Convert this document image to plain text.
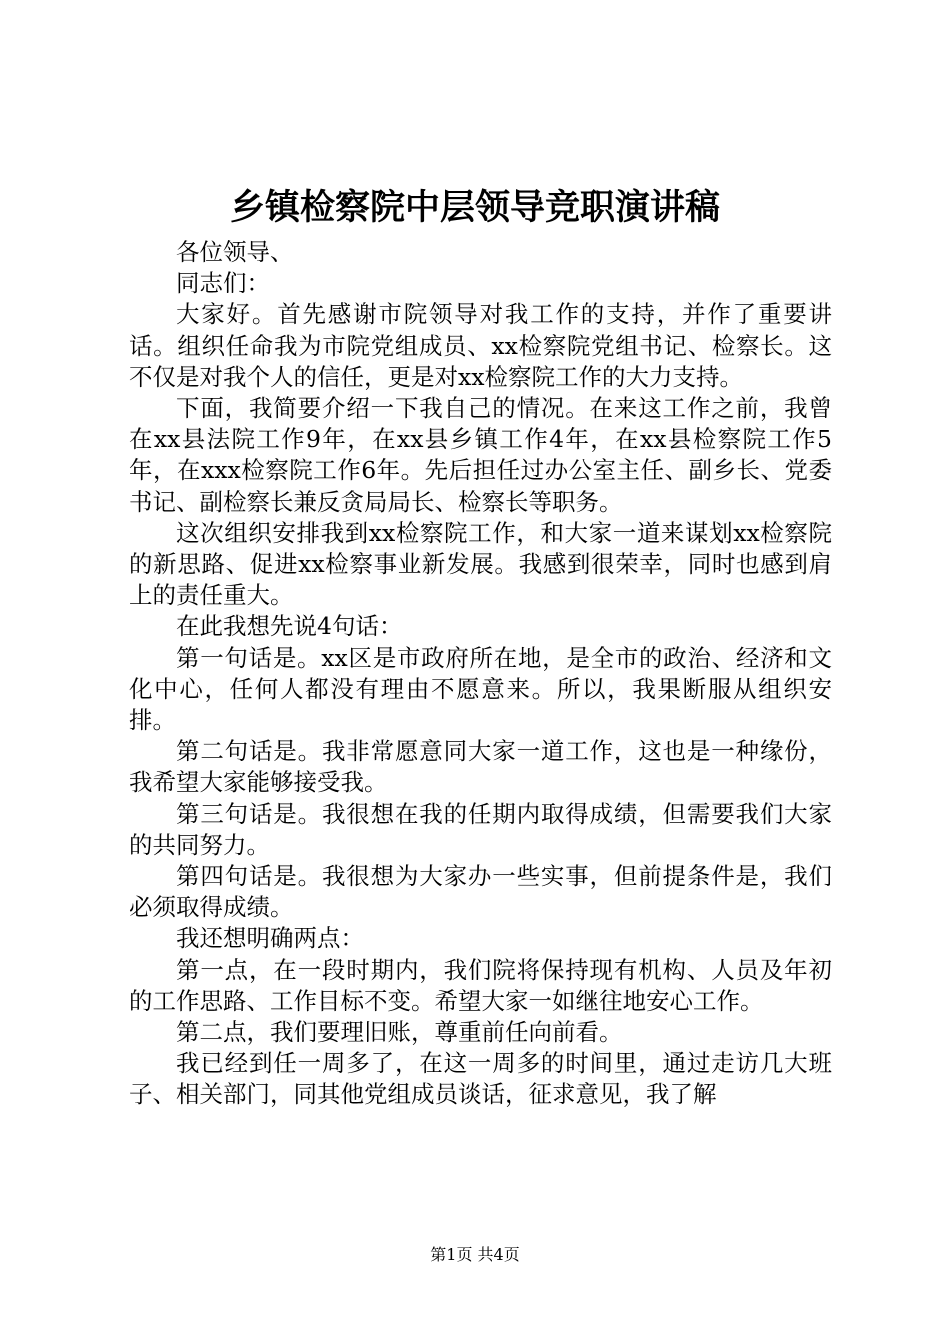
乡镇检察院中层领导竞职演讲稿

各位领导、

同志们：

大家好。首先感谢市院领导对我工作的支持，并作了重要讲话。组织任命我为市院党组成员、xx检察院党组书记、检察长。这不仅是对我个人的信任，更是对xx检察院工作的大力支持。

下面，我简要介绍一下我自己的情况。在来这工作之前，我曾在xx县法院工作9年，在xx县乡镇工作4年，在xx县检察院工作5年，在xxx检察院工作6年。先后担任过办公室主任、副乡长、党委书记、副检察长兼反贪局局长、检察长等职务。

这次组织安排我到xx检察院工作，和大家一道来谋划xx检察院的新思路、促进xx检察事业新发展。我感到很荣幸，同时也感到肩上的责任重大。

在此我想先说4句话：

第一句话是。xx区是市政府所在地，是全市的政治、经济和文化中心，任何人都没有理由不愿意来。所以，我果断服从组织安排。

第二句话是。我非常愿意同大家一道工作，这也是一种缘份，我希望大家能够接受我。

第三句话是。我很想在我的任期内取得成绩，但需要我们大家的共同努力。

第四句话是。我很想为大家办一些实事，但前提条件是，我们必须取得成绩。

我还想明确两点：

第一点，在一段时期内，我们院将保持现有机构、人员及年初的工作思路、工作目标不变。希望大家一如继往地安心工作。

第二点，我们要理旧账，尊重前任向前看。

我已经到任一周多了，在这一周多的时间里，通过走访几大班子、相关部门，同其他党组成员谈话，征求意见，我了解

第1页 共4页
